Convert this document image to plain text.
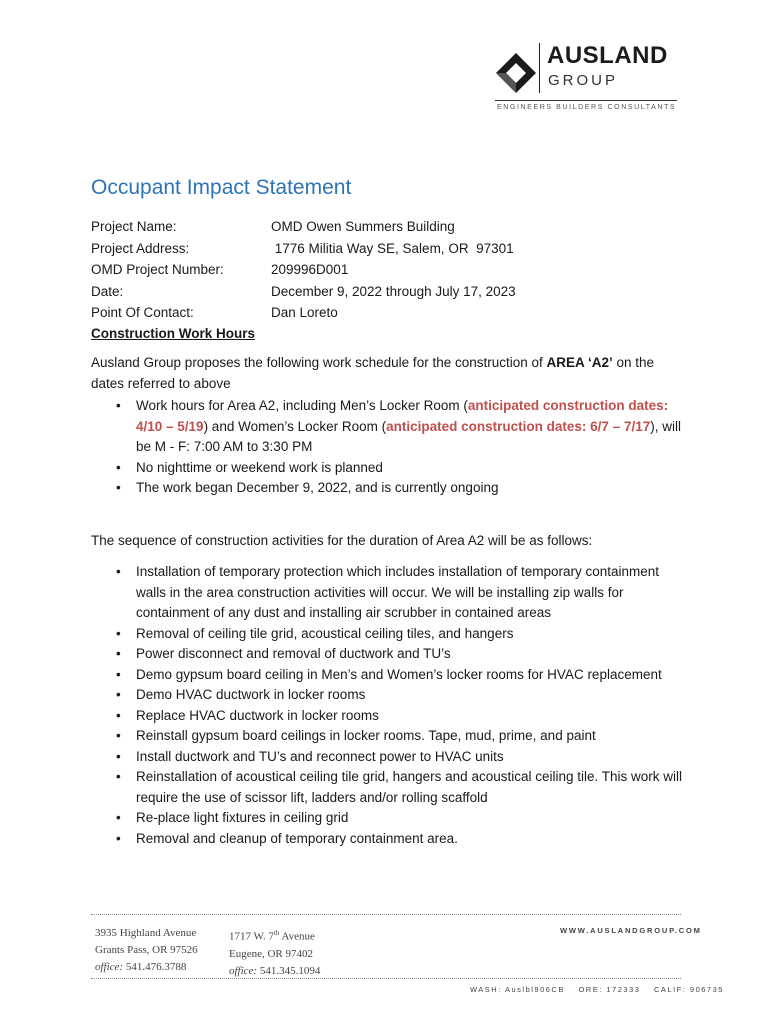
AUSLAND
GROUP
ENGINEERS BUILDERS CONSULTANTS
Occupant Impact Statement
Project Name:	OMD Owen Summers Building
Project Address:	1776 Militia Way SE, Salem, OR  97301
OMD Project Number:	209996D001
Date:	December 9, 2022 through July 17, 2023
Point Of Contact:	Dan Loreto
Construction Work Hours
Ausland Group proposes the following work schedule for the construction of AREA ‘A2’ on the dates referred to above
• Work hours for Area A2, including Men’s Locker Room (anticipated construction dates: 4/10 – 5/19) and Women’s Locker Room (anticipated construction dates: 6/7 – 7/17), will be M - F: 7:00 AM to 3:30 PM
• No nighttime or weekend work is planned
• The work began December 9, 2022, and is currently ongoing
The sequence of construction activities for the duration of Area A2 will be as follows:
• Installation of temporary protection which includes installation of temporary containment walls in the area construction activities will occur. We will be installing zip walls for containment of any dust and installing air scrubber in contained areas
• Removal of ceiling tile grid, acoustical ceiling tiles, and hangers
• Power disconnect and removal of ductwork and TU’s
• Demo gypsum board ceiling in Men’s and Women’s locker rooms for HVAC replacement
• Demo HVAC ductwork in locker rooms
• Replace HVAC ductwork in locker rooms
• Reinstall gypsum board ceilings in locker rooms. Tape, mud, prime, and paint
• Install ductwork and TU’s and reconnect power to HVAC units
• Reinstallation of acoustical ceiling tile grid, hangers and acoustical ceiling tile. This work will require the use of scissor lift, ladders and/or rolling scaffold
• Re-place light fixtures in ceiling grid
• Removal and cleanup of temporary containment area.
3935 Highland Avenue
Grants Pass, OR 97526
office: 541.476.3788
1717 W. 7th Avenue
Eugene, OR 97402
office: 541.345.1094
WWW.AUSLANDGROUP.COM
WASH: Auslbl906CB ORE: 172333 CALIF: 906735
